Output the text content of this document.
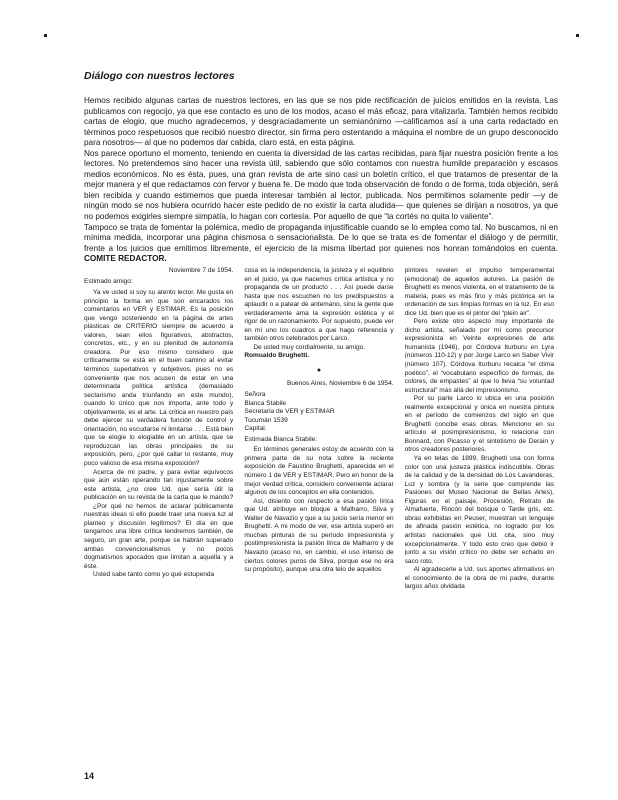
Diálogo con nuestros lectores

Hemos recibido algunas cartas de nuestros lectores, en las que se nos pide rectificación de juicios emitidos en la revista. Las publicamos con regocijo, ya que ese contacto es uno de los modos, acaso el más eficaz, para vitalizarla. También hemos recibido cartas de elogio, que mucho agradecemos, y desgraciadamente un semianónimo —calificamos así a una carta redactado en términos poco respetuosos que recibió nuestro director, sin firma pero ostentando a máquina el nombre de un grupo desconocido para nosotros— al que no podemos dar cabida, claro está, en esta página.

Nos parece oportuno el momento, teniendo en cuenta la diversidad de las cartas recibidas, para fijar nuestra posición frente a los lectores. No pretendemos sino hacer una revista útil, sabiendo que sólo contamos con nuestra humilde preparación y escasos medios económicos. No es ésta, pues, una gran revista de arte sino casi un boletín crítico, el que tratamos de presentar de la mejor manera y el que redactamos con fervor y buena fe. De modo que toda observación de fondo o de forma, toda objeción, será bien recibida y cuando estimemos que pueda interesar también al lector, publicada. Nos permitimos solamente pedir —y de ningún modo se nos hubiera ocurrido hacer este pedido de no existir la carta aludida— que quienes se dirijan a nosotros, ya que no podemos exigirles siempre simpatía, lo hagan con cortesía. Por aquello de que “la cortés no quita lo valiente”.

Tampoco se trata de fomentar la polémica, medio de propaganda injustificable cuando se lo emplea como tal. No buscamos, ni en mínima medida, incorporar una página chismosa o sensacionalista. De lo que se trata es de fomentar el diálogo y de permitir, frente a los juicios que emitimos libremente, el ejercicio de la misma libertad por quienes nos honran tomándolos en cuenta. COMITE REDACTOR.

Noviembre 7 de 1954.

Estimado amigo:

Ya ve usted si soy su atento lector. Me gusta en principio la forma en que son encarados los comentarios en VER y ESTIMAR. Es la posición que vengo sosteniendo en la página de artes plásticas de CRITERIO siempre de acuerdo a valores, sean ellos figurativos, abstractos, concretos, etc., y en su plenitud de autonomía creadora. Por eso mismo considero que críticamente se está en el buen camino al evitar términos superlativos y subjetivos, pues no es conveniente que nos acusen de estar en una determinada política artística (demasiado sectarismo anda triunfando en este mundo), cuando lo único que nos importa, ante todo y objetivamente, es el arte. La crítica en nuestro país debe ejercer su verdadera función de control y orientación, no escudarse ni limitarse . . . Está bien que se elogie lo elogiable en un artista, que se reproduzcan las obras principales de su exposición, pero, ¿por qué callar lo restante, muy poco valioso de esa misma exposición?

Acerca de mi padre, y para evitar equívocos que aún están operando tan injustamente sobre este artista, ¿no cree Ud. que sería útil la publicación en su revista de la carta que le mando?

¿Por qué no hemos de aclarar públicamente nuestras ideas si ello puede traer una nueva luz al planteo y discusión legítimos? El día en que tengamos una libre crítica tendremos también, de seguro, un gran arte, porque se habrán superado ambas convencionalismos y no pocos dogmatismos apocados que limitan a aquella y a éste.

Usted sabe tanto como yo qué estupenda

cosa es la independencia, la justeza y el equilibrio en el juicio, ya que hacemos crítica artística y no propaganda de un producto . . . Así puede darse hasta que nos escuchen no los predispuestos a aplaudir o a patear de antemano, sino la gente que verdaderamente ama la expresión estética y el rigor de un razonamiento. Por supuesto, puede ver en mí uno los cuadros a que hago referencia y también otros celebrados por Larco.

De usted muy cordialmente, su amigo.

Romualdo Brughetti.

●

Buenos Aires, Noviembre 6 de 1954.

Señora

Blanca Stabile

Secretaria de VER y ESTIMAR

Tucumán 1539

Capital.

Estimada Blanca Stabile:

En términos generales estoy de acuerdo con la primera parte de su nota sobre la reciente exposición de Faustino Brughetti, aparecida en el número 1 de VER y ESTIMAR. Pero en honor de la mejor verdad crítica, considero conveniente aclarar algunos de los conceptos en ella contenidos.

Así, disiento con respecto a esa pasión lírica que Ud. atribuye en bloque a Malharro, Silva y Walter de Navazio y que a su juicio sería menor en Brughetti. A mi modo de ver, ese artista superó en muchas pinturas de su período impresionista y postimpresionista la pasión lírica de Malharro y de Navazio (acaso no, en cambio, el uso intenso de ciertos colores puros de Silva, porque ese no era su propósito), aunque una otra telo de aquellos

pintores revelen el impulso temperamental (emocional) de aquellos autores. La pasión de Brughetti es menos violenta, en el tratamiento de la materia, pues es más fino y más pictórica en la ordenación de sus limpias formas en la luz. En eso dice Ud. bien que es el pintor del “plein air”.

Pero existe otro aspecto muy importante de dicho artista, señalado por mí como precursor expresionista en Veinte expresiones de arte humanista (1946), por Córdova Iturburu en Lyra (números 110-12) y por Jorge Larco en Saber Vivir (número 107). Córdova Iturburu recalca “el clima poético”, el “vocabulario específico de formas, de colores, de empastes” al que lo lleva “su voluntad estructural” más allá del impresionismo.

Por su parte Larco lo ubica en una posición realmente excepcional y única en nuestra pintura en el período de comienzos del siglo en que Brughetti concibe esas obras. Menciono en su artículo el posimpresionismo, lo relaciona con Bonnard, con Picasso y el sintetismo de Derain y otros creadores posteriores.

Ya en telas de 1899, Brughetti usa con forma color con una justeza plástica indiscutible. Obras de la calidad y de la densidad de Los Lavanderas, Luz y sombra (y la serie que comprende las Pasiones del Museo Nacional de Bellas Artes), Figuras en el paisaje, Procesión, Retrato de Almafuerte, Rincón del bosque o Tarde gris, etc. obras exhibidas en Peuser, muestran un lenguaje de afinada pasión estética, no logrado por los artistas nacionales que Ud. cita, sino muy excepcionalmente. Y todo esto creo que debió ir junto a su visión crítico no debe ser echado en saco roto.

Al agradecerle a Ud. sus aportes afirmativos en el conocimiento de la obra de mi padre, durante largos años olvidada

14
